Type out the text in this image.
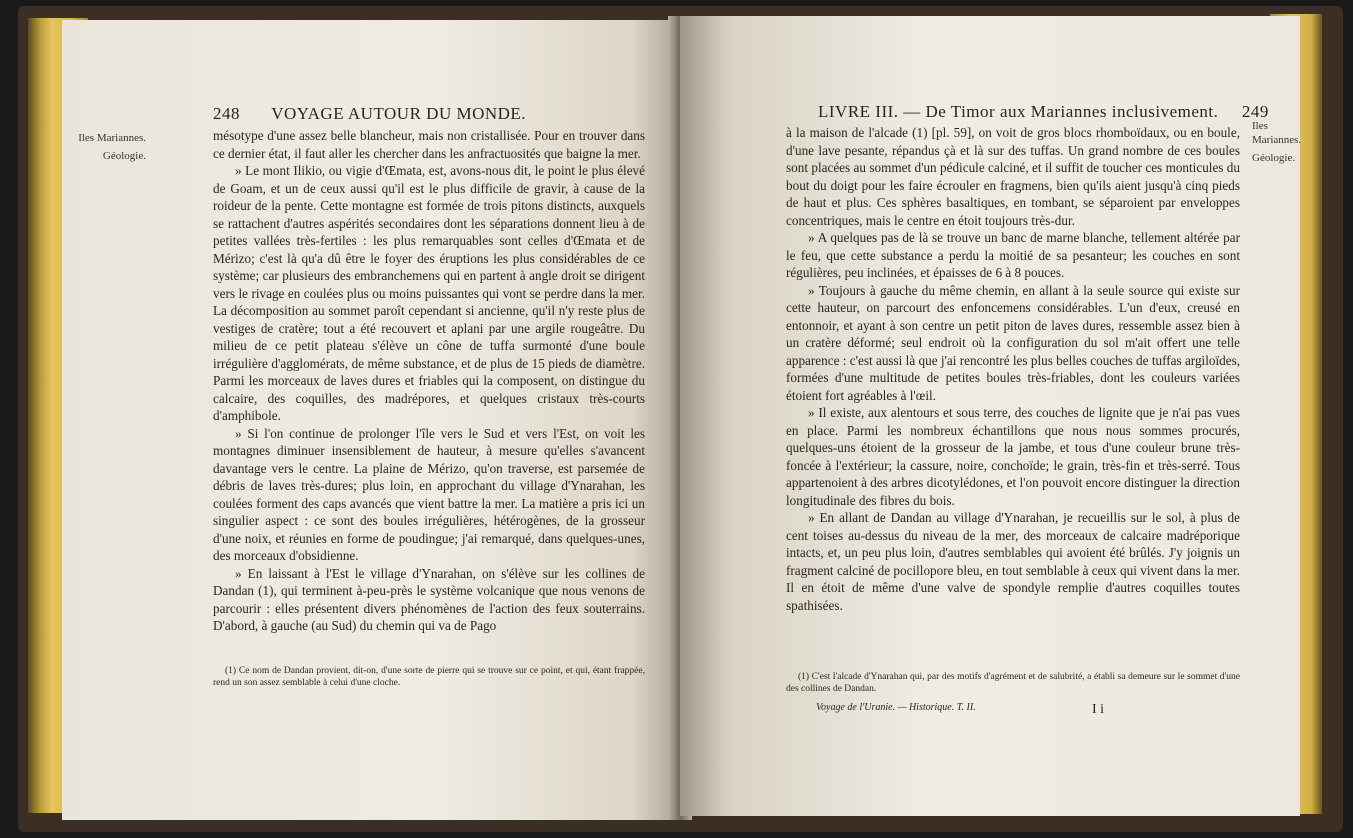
248 VOYAGE AUTOUR DU MONDE.
Iles Mariannes.
Géologie.

mésotype d'une assez belle blancheur, mais non cristallisée. Pour en trouver dans ce dernier état, il faut aller les chercher dans les anfractuosités que baigne la mer.

» Le mont Ilikio, ou vigie d'Œmata, est, avons-nous dit, le point le plus élevé de Goam, et un de ceux aussi qu'il est le plus difficile de gravir, à cause de la roideur de la pente. Cette montagne est formée de trois pitons distincts, auxquels se rattachent d'autres aspérités secondaires dont les séparations donnent lieu à de petites vallées très-fertiles : les plus remarquables sont celles d'Œmata et de Mérizo; c'est là qu'a dû être le foyer des éruptions les plus considérables de ce système; car plusieurs des embranchemens qui en partent à angle droit se dirigent vers le rivage en coulées plus ou moins puissantes qui vont se perdre dans la mer. La décomposition au sommet paroît cependant si ancienne, qu'il n'y reste plus de vestiges de cratère; tout a été recouvert et aplani par une argile rougeâtre. Du milieu de ce petit plateau s'élève un cône de tuffa surmonté d'une boule irrégulière d'agglomérats, de même substance, et de plus de 15 pieds de diamètre. Parmi les morceaux de laves dures et friables qui la composent, on distingue du calcaire, des coquilles, des madrépores, et quelques cristaux très-courts d'amphibole.

» Si l'on continue de prolonger l'île vers le Sud et vers l'Est, on voit les montagnes diminuer insensiblement de hauteur, à mesure qu'elles s'avancent davantage vers le centre. La plaine de Mérizo, qu'on traverse, est parsemée de débris de laves très-dures; plus loin, en approchant du village d'Ynarahan, les coulées forment des caps avancés que vient battre la mer. La matière a pris ici un singulier aspect : ce sont des boules irrégulières, hétérogènes, de la grosseur d'une noix, et réunies en forme de poudingue; j'ai remarqué, dans quelques-unes, des morceaux d'obsidienne.

» En laissant à l'Est le village d'Ynarahan, on s'élève sur les collines de Dandan (1), qui terminent à-peu-près le système volcanique que nous venons de parcourir : elles présentent divers phénomènes de l'action des feux souterrains. D'abord, à gauche (au Sud) du chemin qui va de Pago

(1) Ce nom de Dandan provient, dit-on, d'une sorte de pierre qui se trouve sur ce point, et qui, étant frappée, rend un son assez semblable à celui d'une cloche.

LIVRE III. — De Timor aux Mariannes inclusivement. 249
Iles Mariannes.
Géologie.

à la maison de l'alcade (1) [pl. 59], on voit de gros blocs rhomboïdaux, ou en boule, d'une lave pesante, répandus çà et là sur des tuffas. Un grand nombre de ces boules sont placées au sommet d'un pédicule calciné, et il suffit de toucher ces monticules du bout du doigt pour les faire écrouler en fragmens, bien qu'ils aient jusqu'à cinq pieds de haut et plus. Ces sphères basaltiques, en tombant, se séparoient par enveloppes concentriques, mais le centre en étoit toujours très-dur.

» A quelques pas de là se trouve un banc de marne blanche, tellement altérée par le feu, que cette substance a perdu la moitié de sa pesanteur; les couches en sont régulières, peu inclinées, et épaisses de 6 à 8 pouces.

» Toujours à gauche du même chemin, en allant à la seule source qui existe sur cette hauteur, on parcourt des enfoncemens considérables. L'un d'eux, creusé en entonnoir, et ayant à son centre un petit piton de laves dures, ressemble assez bien à un cratère déformé; seul endroit où la configuration du sol m'ait offert une telle apparence : c'est aussi là que j'ai rencontré les plus belles couches de tuffas argiloïdes, formées d'une multitude de petites boules très-friables, dont les couleurs variées étoient fort agréables à l'œil.

» Il existe, aux alentours et sous terre, des couches de lignite que je n'ai pas vues en place. Parmi les nombreux échantillons que nous nous sommes procurés, quelques-uns étoient de la grosseur de la jambe, et tous d'une couleur brune très-foncée à l'extérieur; la cassure, noire, conchoïde; le grain, très-fin et très-serré. Tous appartenoient à des arbres dicotylédones, et l'on pouvoit encore distinguer la direction longitudinale des fibres du bois.

» En allant de Dandan au village d'Ynarahan, je recueillis sur le sol, à plus de cent toises au-dessus du niveau de la mer, des morceaux de calcaire madréporique intacts, et, un peu plus loin, d'autres semblables qui avoient été brûlés. J'y joignis un fragment calciné de pocillopore bleu, en tout semblable à ceux qui vivent dans la mer. Il en étoit de même d'une valve de spondyle remplie d'autres coquilles toutes spathisées.

(1) C'est l'alcade d'Ynarahan qui, par des motifs d'agrément et de salubrité, a établi sa demeure sur le sommet d'une des collines de Dandan.

Voyage de l'Uranie. — Historique. T. II.	I i
